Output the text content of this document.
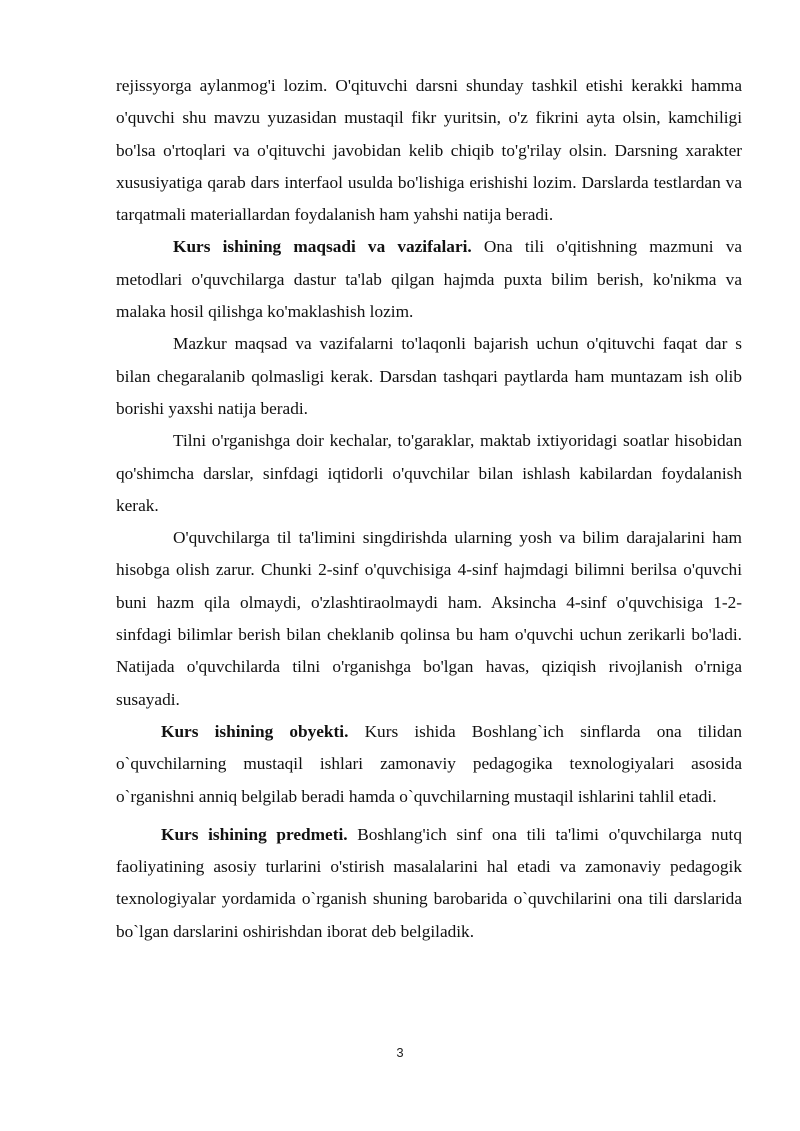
rejissyorga aylanmog'i lozim. O'qituvchi darsni shunday tashkil etishi kerakki hamma o'quvchi shu mavzu yuzasidan mustaqil fikr yuritsin, o'z fikrini ayta olsin, kamchiligi bo'lsa o'rtoqlari va o'qituvchi javobidan kelib chiqib to'g'rilay olsin. Darsning xarakter xususiyatiga qarab dars interfaol usulda bo'lishiga erishishi lozim. Darslarda testlardan va tarqatmali materiallardan foydalanish ham yahshi natija beradi.

Kurs ishining maqsadi va vazifalari. Ona tili o'qitishning mazmuni va metodlari o'quvchilarga dastur ta'lab qilgan hajmda puxta bilim berish, ko'nikma va malaka hosil qilishga ko'maklashish lozim.

Mazkur maqsad va vazifalarni to'laqonli bajarish uchun o'qituvchi faqat dar s bilan chegaralanib qolmasligi kerak. Darsdan tashqari paytlarda ham muntazam ish olib borishi yaxshi natija beradi.

Tilni o'rganishga doir kechalar, to'garaklar, maktab ixtiyoridagi soatlar hisobidan qo'shimcha darslar, sinfdagi iqtidorli o'quvchilar bilan ishlash kabilardan foydalanish kerak.

O'quvchilarga til ta'limini singdirishda ularning yosh va bilim darajalarini ham hisobga olish zarur. Chunki 2-sinf o'quvchisiga 4-sinf hajmdagi bilimni berilsa o'quvchi buni hazm qila olmaydi, o'zlashtiraolmaydi ham. Aksincha 4-sinf o'quvchisiga 1-2-sinfdagi bilimlar berish bilan cheklanib qolinsa bu ham o'quvchi uchun zerikarli bo'ladi. Natijada o'quvchilarda tilni o'rganishga bo'lgan havas, qiziqish rivojlanish o'rniga susayadi.

Kurs ishining obyekti. Kurs ishida Boshlang`ich sinflarda ona tilidan o`quvchilarning mustaqil ishlari zamonaviy pedagogika texnologiyalari asosida o`rganishni anniq belgilab beradi hamda o`quvchilarning mustaqil ishlarini tahlil etadi.

Kurs ishining predmeti. Boshlang'ich sinf ona tili ta'limi o'quvchilarga nutq faoliyatining asosiy turlarini o'stirish masalalarini hal etadi va zamonaviy pedagogik texnologiyalar yordamida o`rganish shuning barobarida o`quvchilarini ona tili darslarida bo`lgan darslarini oshirishdan iborat deb belgiladik.

3
